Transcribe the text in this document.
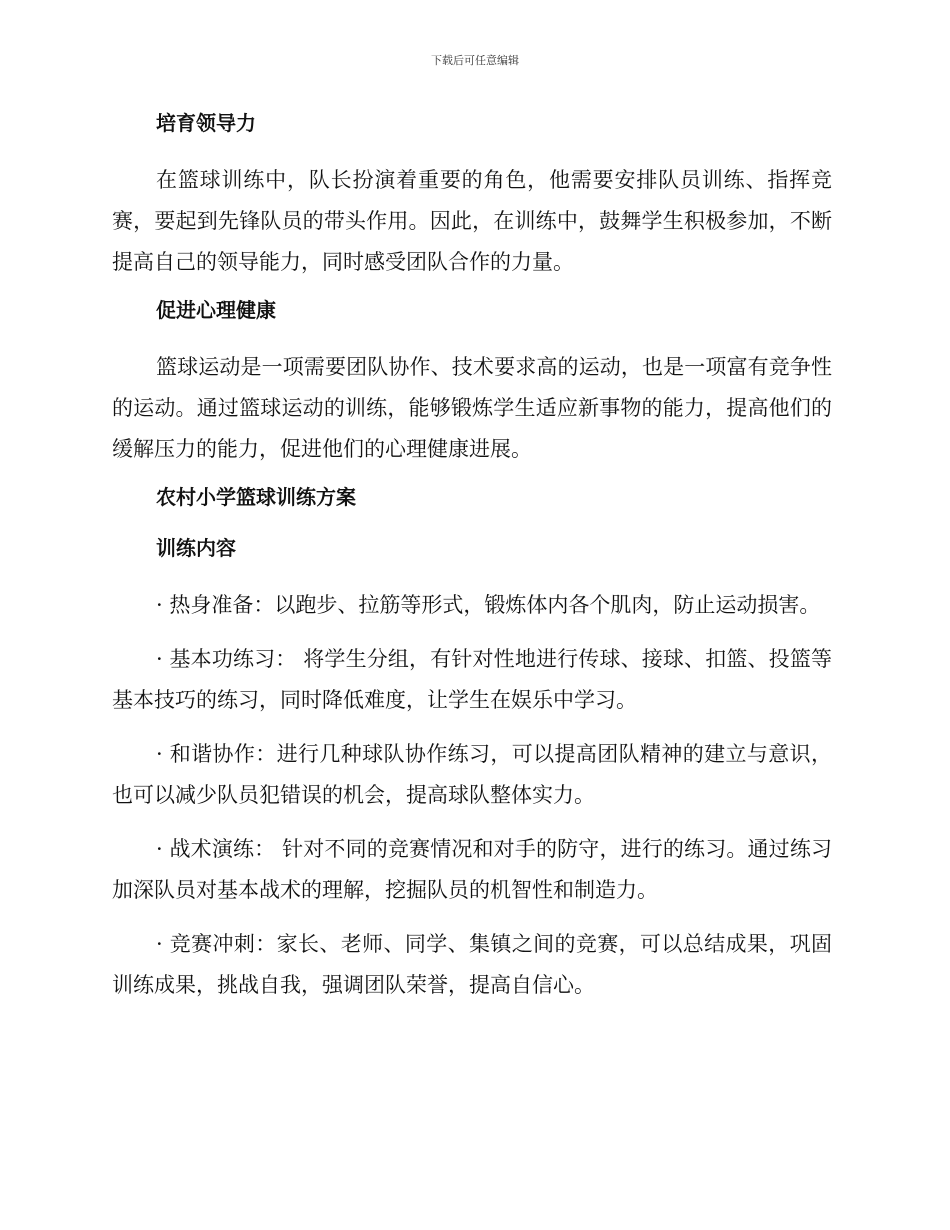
下载后可任意编辑
培育领导力

在篮球训练中，队长扮演着重要的角色，他需要安排队员训练、指挥竞赛，要起到先锋队员的带头作用。因此，在训练中，鼓舞学生积极参加，不断提高自己的领导能力，同时感受团队合作的力量。

促进心理健康

篮球运动是一项需要团队协作、技术要求高的运动，也是一项富有竞争性的运动。通过篮球运动的训练，能够锻炼学生适应新事物的能力，提高他们的缓解压力的能力，促进他们的心理健康进展。

农村小学篮球训练方案
训练内容

· 热身准备：以跑步、拉筋等形式，锻炼体内各个肌肉，防止运动损害。

· 基本功练习： 将学生分组，有针对性地进行传球、接球、扣篮、投篮等基本技巧的练习，同时降低难度，让学生在娱乐中学习。

· 和谐协作：进行几种球队协作练习，可以提高团队精神的建立与意识，也可以减少队员犯错误的机会，提高球队整体实力。

· 战术演练： 针对不同的竞赛情况和对手的防守，进行的练习。通过练习加深队员对基本战术的理解，挖掘队员的机智性和制造力。

· 竞赛冲刺：家长、老师、同学、集镇之间的竞赛，可以总结成果，巩固训练成果，挑战自我，强调团队荣誉，提高自信心。
